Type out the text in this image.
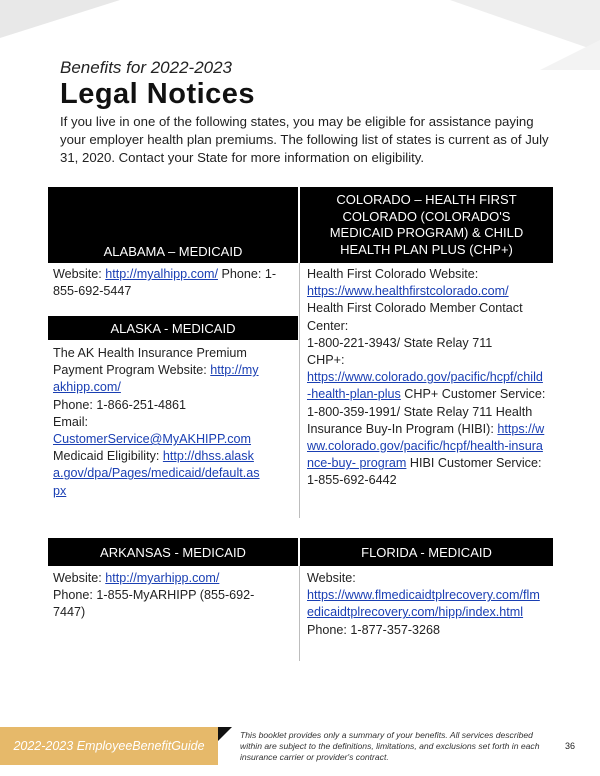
Benefits for 2022-2023
Legal Notices
If you live in one of the following states, you may be eligible for assistance paying your employer health plan premiums. The following list of states is current as of July 31, 2020. Contact your State for more information on eligibility.
ALABAMA – MEDICAID
Website: http://myalhipp.com/ Phone: 1-855-692-5447
COLORADO – HEALTH FIRST COLORADO (COLORADO'S MEDICAID PROGRAM) & CHILD HEALTH PLAN PLUS (CHP+)
Health First Colorado Website:
https://www.healthfirstcolorado.com/
Health First Colorado Member Contact Center:
1-800-221-3943/ State Relay 711
CHP+:
https://www.colorado.gov/pacific/hcpf/child-health-plan-plus CHP+ Customer Service: 1-800-359-1991/ State Relay 711 Health Insurance Buy-In Program (HIBI): https://www.colorado.gov/pacific/hcpf/health-insurance-buy- program HIBI Customer Service: 1-855-692-6442
ALASKA - MEDICAID
The AK Health Insurance Premium Payment Program Website: http://myakhipp.com/
Phone: 1-866-251-4861
Email:
CustomerService@MyAKHIPP.com Medicaid Eligibility: http://dhss.alaska.gov/dpa/Pages/medicaid/default.aspx
ARKANSAS - MEDICAID
Website: http://myarhipp.com/
Phone: 1-855-MyARHIPP (855-692-7447)
FLORIDA - MEDICAID
Website:
https://www.flmedicaidtplrecovery.com/flmedicaidtplrecovery.com/hipp/index.html
Phone: 1-877-357-3268
2022-2023 EmployeeBenefitGuide
This booklet provides only a summary of your benefits. All services described within are subject to the definitions, limitations, and exclusions set forth in each insurance carrier or provider's contract.
36
